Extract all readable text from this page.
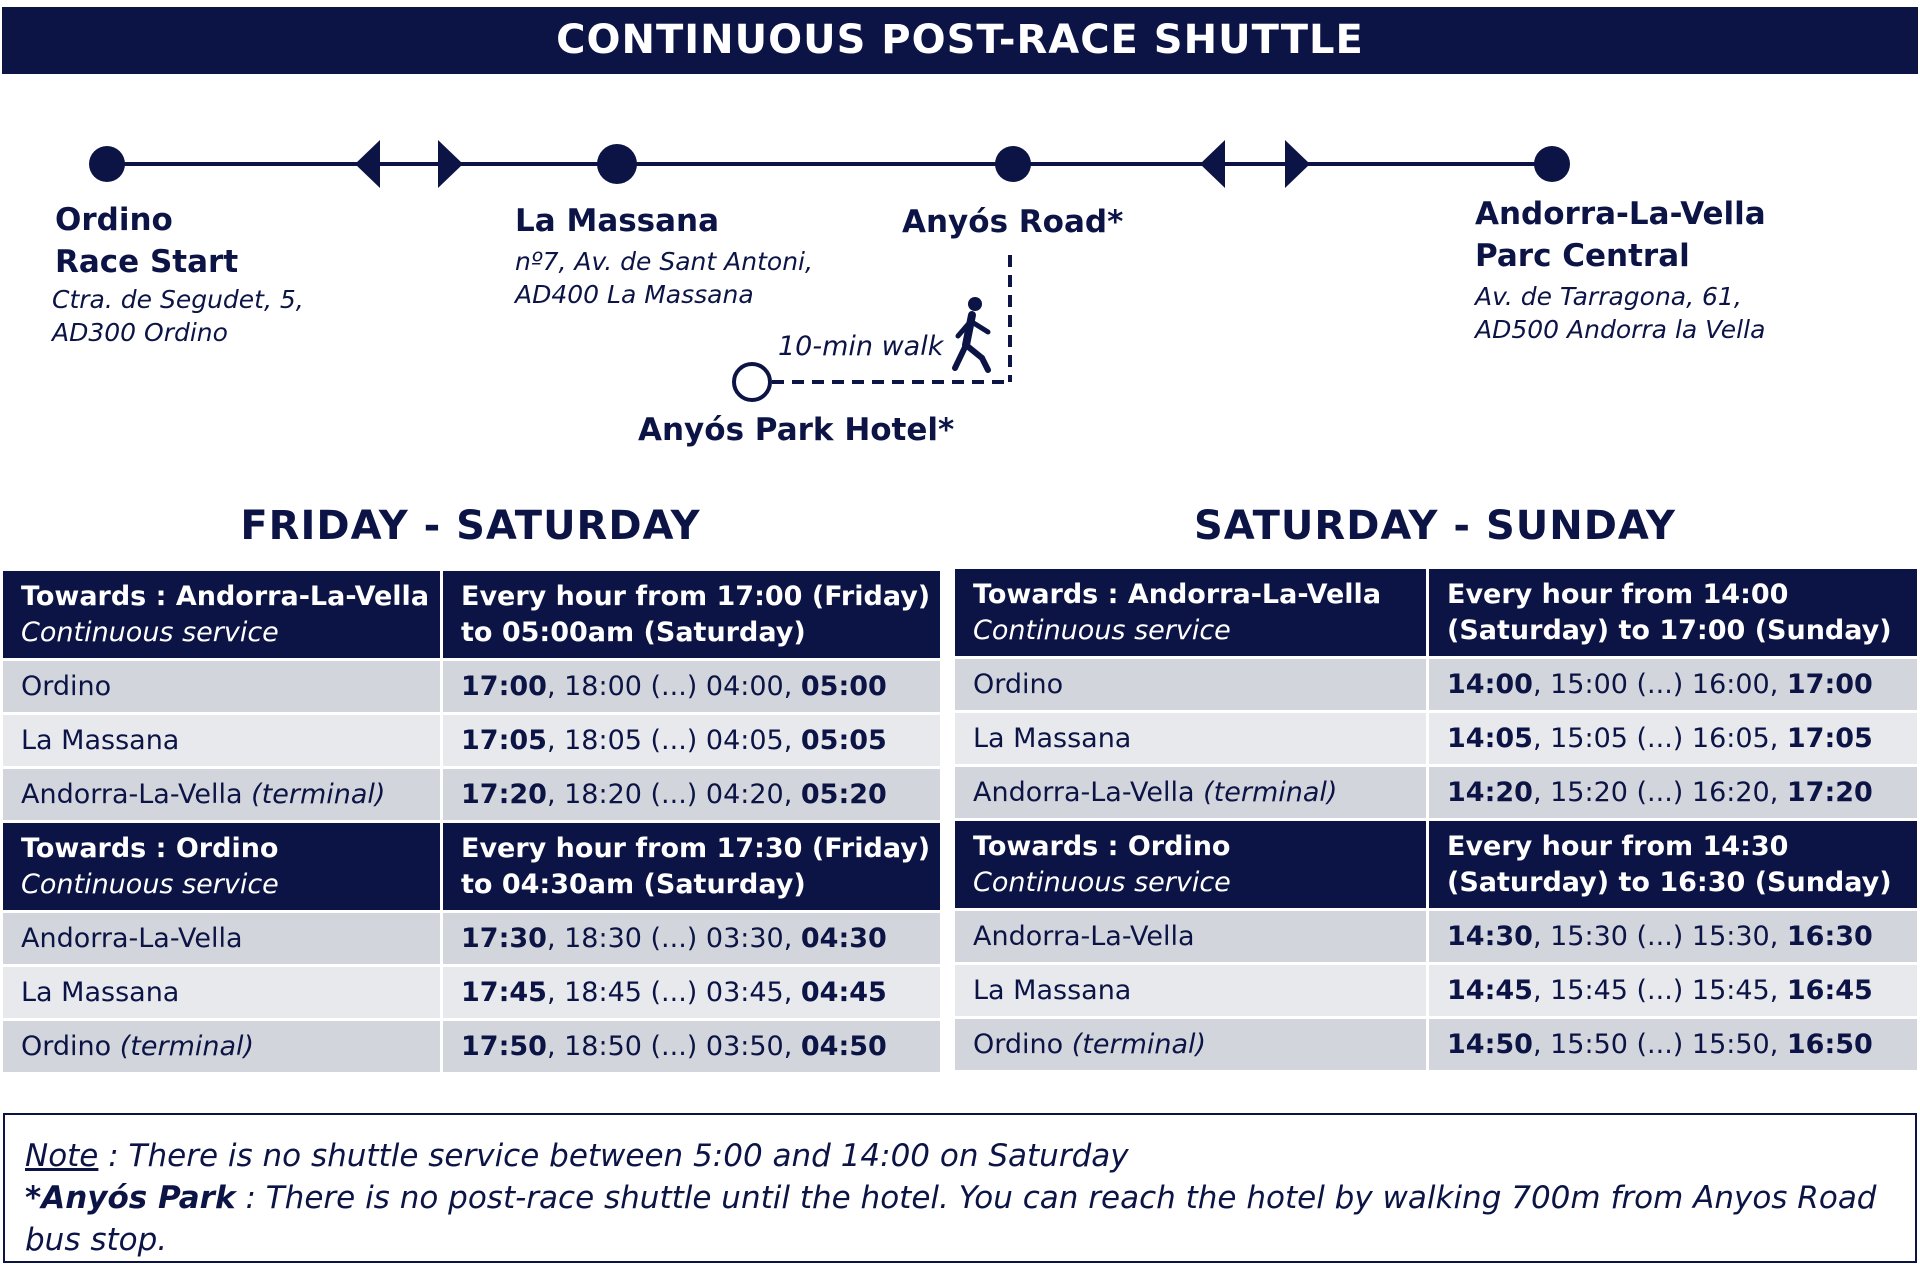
CONTINUOUS POST-RACE SHUTTLE
Ordino
Race Start
Ctra. de Segudet, 5,
AD300 Ordino
La Massana
nº7, Av. de Sant Antoni,
AD400 La Massana
Anyós Road*	Andorra-La-Vella
Parc Central
Av. de Tarragona, 61,
AD500 Andorra la Vella
10-min walk
Anyós Park Hotel*
FRIDAY - SATURDAY	SATURDAY - SUNDAY
Towards : Andorra-La-Vella
Continuous service	Every hour from 17:00 (Friday)
to 05:00am (Saturday)

Ordino	17:00, 18:00 (...) 04:00, 05:00
La Massana	17:05, 18:05 (...) 04:05, 05:05
Andorra-La-Vella (terminal)	17:20, 18:20 (...) 04:20, 05:20

Towards : Ordino
Continuous service	Every hour from 17:30 (Friday)
to 04:30am (Saturday)

Andorra-La-Vella	17:30, 18:30 (...) 03:30, 04:30
La Massana	17:45, 18:45 (...) 03:45, 04:45
Ordino (terminal)	17:50, 18:50 (...) 03:50, 04:50
Towards : Andorra-La-Vella
Continuous service	Every hour from 14:00
(Saturday) to 17:00 (Sunday)

Ordino	14:00, 15:00 (...) 16:00, 17:00
La Massana	14:05, 15:05 (...) 16:05, 17:05
Andorra-La-Vella (terminal)	14:20, 15:20 (...) 16:20, 17:20

Towards : Ordino
Continuous service	Every hour from 14:30
(Saturday) to 16:30 (Sunday)

Andorra-La-Vella	14:30, 15:30 (...) 15:30, 16:30
La Massana	14:45, 15:45 (...) 15:45, 16:45
Ordino (terminal)	14:50, 15:50 (...) 15:50, 16:50

Note : There is no shuttle service between 5:00 and 14:00 on Saturday

*Anyós Park : There is no post-race shuttle until the hotel. You can reach the hotel by walking 700m from Anyos Road bus stop.
